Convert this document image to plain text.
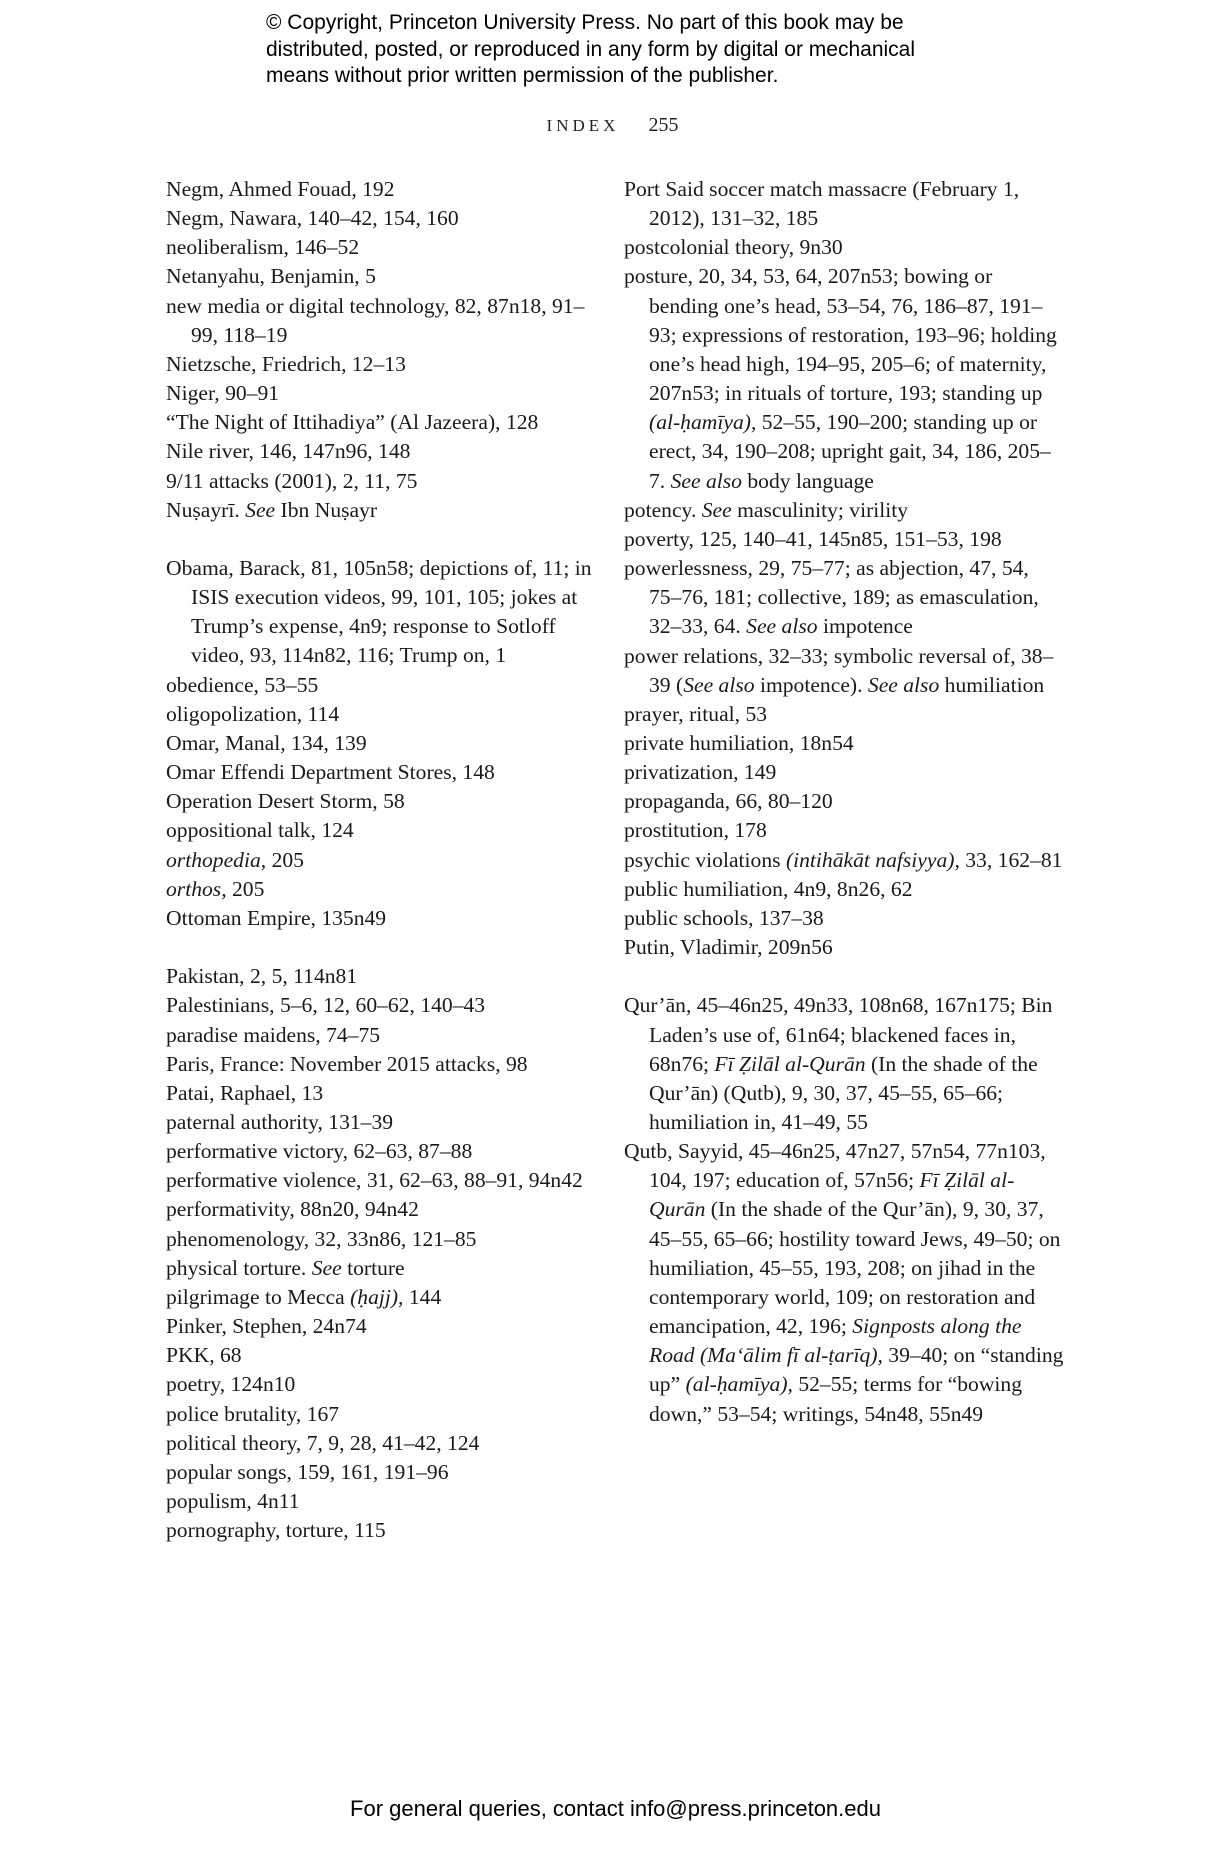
© Copyright, Princeton University Press. No part of this book may be
distributed, posted, or reproduced in any form by digital or mechanical
means without prior written permission of the publisher.
INDEX 255
Negm, Ahmed Fouad, 192
Negm, Nawara, 140–42, 154, 160
neoliberalism, 146–52
Netanyahu, Benjamin, 5
new media or digital technology, 82, 87n18, 91–99, 118–19
Nietzsche, Friedrich, 12–13
Niger, 90–91
“The Night of Ittihadiya” (Al Jazeera), 128
Nile river, 146, 147n96, 148
9/11 attacks (2001), 2, 11, 75
Nuṣayrī. See Ibn Nuṣayr
Obama, Barack, 81, 105n58; depictions of, 11; in ISIS execution videos, 99, 101, 105; jokes at Trump’s expense, 4n9; response to Sotloff video, 93, 114n82, 116; Trump on, 1
obedience, 53–55
oligopolization, 114
Omar, Manal, 134, 139
Omar Effendi Department Stores, 148
Operation Desert Storm, 58
oppositional talk, 124
orthopedia, 205
orthos, 205
Ottoman Empire, 135n49
Pakistan, 2, 5, 114n81
Palestinians, 5–6, 12, 60–62, 140–43
paradise maidens, 74–75
Paris, France: November 2015 attacks, 98
Patai, Raphael, 13
paternal authority, 131–39
performative victory, 62–63, 87–88
performative violence, 31, 62–63, 88–91, 94n42
performativity, 88n20, 94n42
phenomenology, 32, 33n86, 121–85
physical torture. See torture
pilgrimage to Mecca (ḥajj), 144
Pinker, Stephen, 24n74
PKK, 68
poetry, 124n10
police brutality, 167
political theory, 7, 9, 28, 41–42, 124
popular songs, 159, 161, 191–96
populism, 4n11
pornography, torture, 115
Port Said soccer match massacre (February 1, 2012), 131–32, 185
postcolonial theory, 9n30
posture, 20, 34, 53, 64, 207n53; bowing or bending one’s head, 53–54, 76, 186–87, 191–93; expressions of restoration, 193–96; holding one’s head high, 194–95, 205–6; of maternity, 207n53; in rituals of torture, 193; standing up (al-ḥamīya), 52–55, 190–200; standing up or erect, 34, 190–208; upright gait, 34, 186, 205–7. See also body language
potency. See masculinity; virility
poverty, 125, 140–41, 145n85, 151–53, 198
powerlessness, 29, 75–77; as abjection, 47, 54, 75–76, 181; collective, 189; as emasculation, 32–33, 64. See also impotence
power relations, 32–33; symbolic reversal of, 38–39 (See also impotence). See also humiliation
prayer, ritual, 53
private humiliation, 18n54
privatization, 149
propaganda, 66, 80–120
prostitution, 178
psychic violations (intihākāt nafsiyya), 33, 162–81
public humiliation, 4n9, 8n26, 62
public schools, 137–38
Putin, Vladimir, 209n56
Qur’ān, 45–46n25, 49n33, 108n68, 167n175; Bin Laden’s use of, 61n64; blackened faces in, 68n76; Fī Ẓilāl al-Qurān (In the shade of the Qur’ān) (Qutb), 9, 30, 37, 45–55, 65–66; humiliation in, 41–49, 55
Qutb, Sayyid, 45–46n25, 47n27, 57n54, 77n103, 104, 197; education of, 57n56; Fī Ẓilāl al-Qurān (In the shade of the Qur’ān), 9, 30, 37, 45–55, 65–66; hostility toward Jews, 49–50; on humiliation, 45–55, 193, 208; on jihad in the contemporary world, 109; on restoration and emancipation, 42, 196; Signposts along the Road (Maʻālim fī al-ṭarīq), 39–40; on “standing up” (al-ḥamīya), 52–55; terms for “bowing down,” 53–54; writings, 54n48, 55n49
For general queries, contact info@press.princeton.edu
